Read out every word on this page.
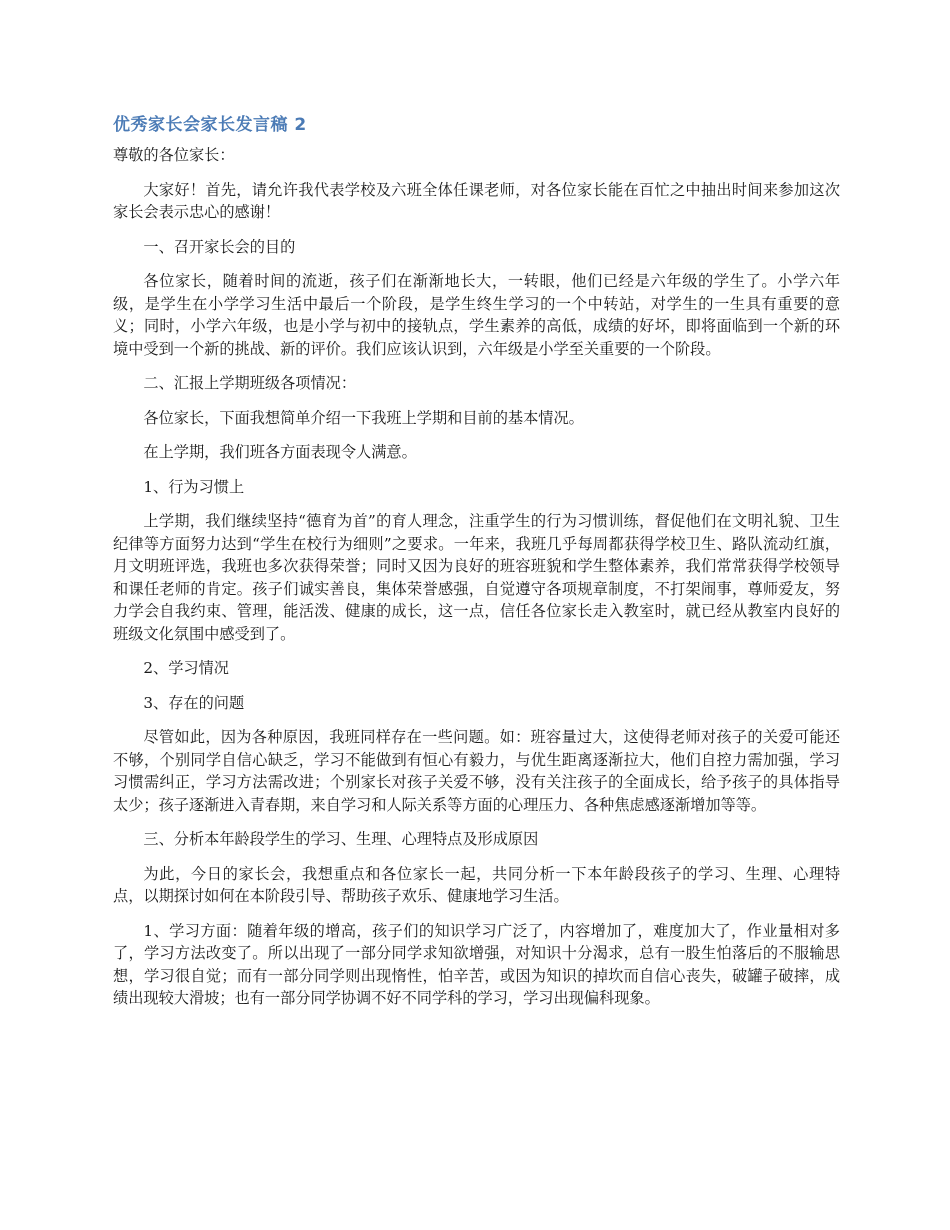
优秀家长会家长发言稿 2

尊敬的各位家长：

大家好！首先，请允许我代表学校及六班全体任课老师，对各位家长能在百忙之中抽出时间来参加这次家长会表示忠心的感谢！

一、召开家长会的目的

各位家长，随着时间的流逝，孩子们在渐渐地长大，一转眼，他们已经是六年级的学生了。小学六年级，是学生在小学学习生活中最后一个阶段，是学生终生学习的一个中转站，对学生的一生具有重要的意义；同时，小学六年级，也是小学与初中的接轨点，学生素养的高低，成绩的好坏，即将面临到一个新的环境中受到一个新的挑战、新的评价。我们应该认识到，六年级是小学至关重要的一个阶段。

二、汇报上学期班级各项情况：

各位家长，下面我想简单介绍一下我班上学期和目前的基本情况。

在上学期，我们班各方面表现令人满意。

1、行为习惯上

上学期，我们继续坚持“德育为首”的育人理念，注重学生的行为习惯训练，督促他们在文明礼貌、卫生纪律等方面努力达到“学生在校行为细则”之要求。一年来，我班几乎每周都获得学校卫生、路队流动红旗，月文明班评选，我班也多次获得荣誉；同时又因为良好的班容班貌和学生整体素养，我们常常获得学校领导和课任老师的肯定。孩子们诚实善良，集体荣誉感强，自觉遵守各项规章制度，不打架闹事，尊师爱友，努力学会自我约束、管理，能活泼、健康的成长，这一点，信任各位家长走入教室时，就已经从教室内良好的班级文化氛围中感受到了。

2、学习情况

3、存在的问题

尽管如此，因为各种原因，我班同样存在一些问题。如：班容量过大，这使得老师对孩子的关爱可能还不够，个别同学自信心缺乏，学习不能做到有恒心有毅力，与优生距离逐渐拉大，他们自控力需加强，学习习惯需纠正，学习方法需改进；个别家长对孩子关爱不够，没有关注孩子的全面成长，给予孩子的具体指导太少；孩子逐渐进入青春期，来自学习和人际关系等方面的心理压力、各种焦虑感逐渐增加等等。

三、分析本年龄段学生的学习、生理、心理特点及形成原因

为此，今日的家长会，我想重点和各位家长一起，共同分析一下本年龄段孩子的学习、生理、心理特点，以期探讨如何在本阶段引导、帮助孩子欢乐、健康地学习生活。

1、学习方面：随着年级的增高，孩子们的知识学习广泛了，内容增加了，难度加大了，作业量相对多了，学习方法改变了。所以出现了一部分同学求知欲增强，对知识十分渴求，总有一股生怕落后的不服输思想，学习很自觉；而有一部分同学则出现惰性，怕辛苦，或因为知识的掉坎而自信心丧失，破罐子破摔，成绩出现较大滑坡；也有一部分同学协调不好不同学科的学习，学习出现偏科现象。
